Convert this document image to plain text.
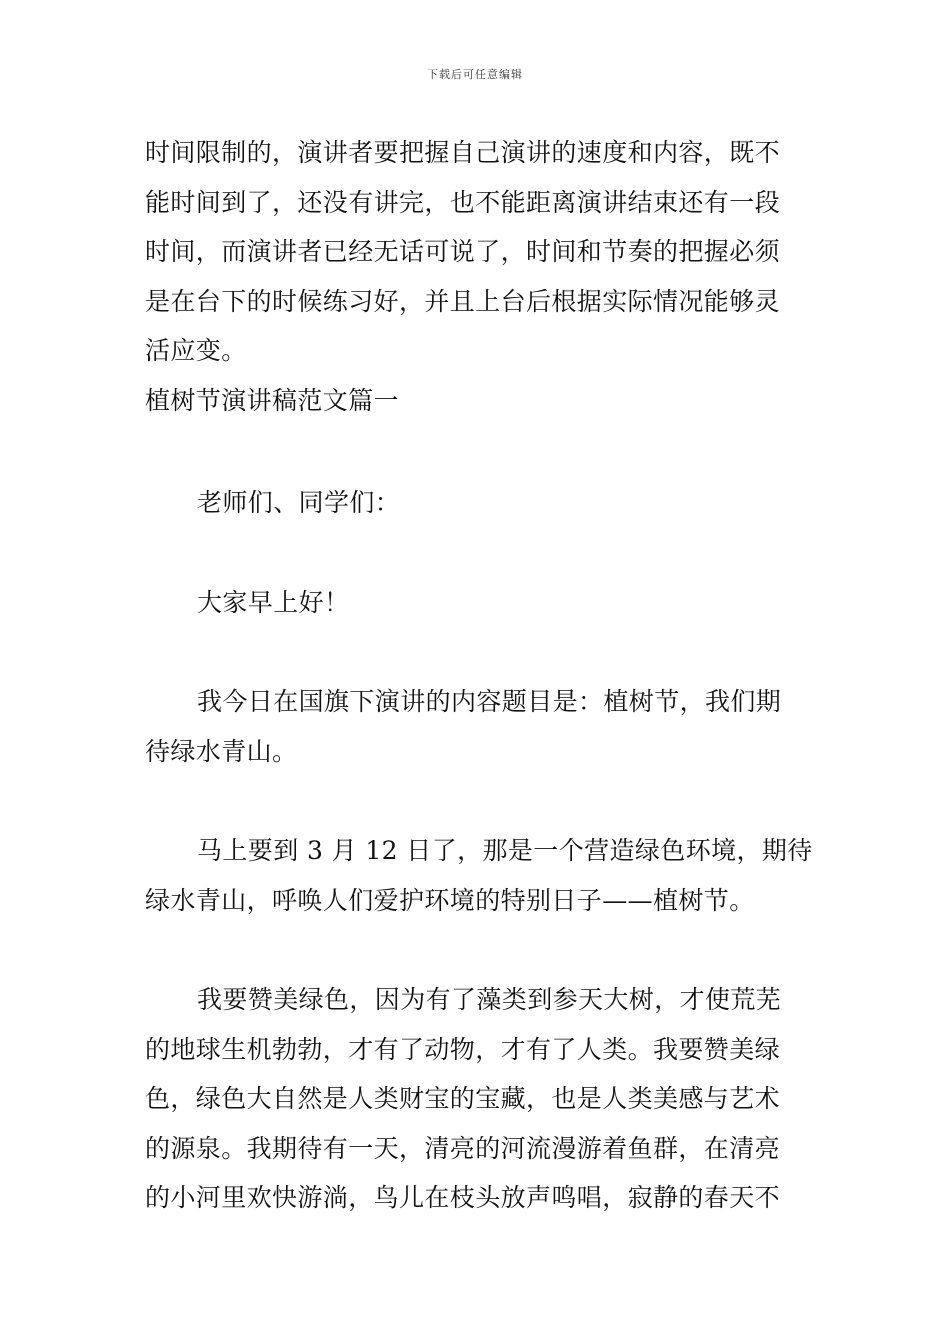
下载后可任意编辑
时间限制的，演讲者要把握自己演讲的速度和内容，既不
能时间到了，还没有讲完，也不能距离演讲结束还有一段
时间，而演讲者已经无话可说了，时间和节奏的把握必须
是在台下的时候练习好，并且上台后根据实际情况能够灵
活应变。
植树节演讲稿范文篇一
老师们、同学们：
大家早上好！
我今日在国旗下演讲的内容题目是：植树节，我们期
待绿水青山。
马上要到 3 月 12 日了，那是一个营造绿色环境，期待
绿水青山，呼唤人们爱护环境的特别日子——植树节。
我要赞美绿色，因为有了藻类到参天大树，才使荒芜
的地球生机勃勃，才有了动物，才有了人类。我要赞美绿
色，绿色大自然是人类财宝的宝藏，也是人类美感与艺术
的源泉。我期待有一天，清亮的河流漫游着鱼群，在清亮
的小河里欢快游淌，鸟儿在枝头放声鸣唱，寂静的春天不
